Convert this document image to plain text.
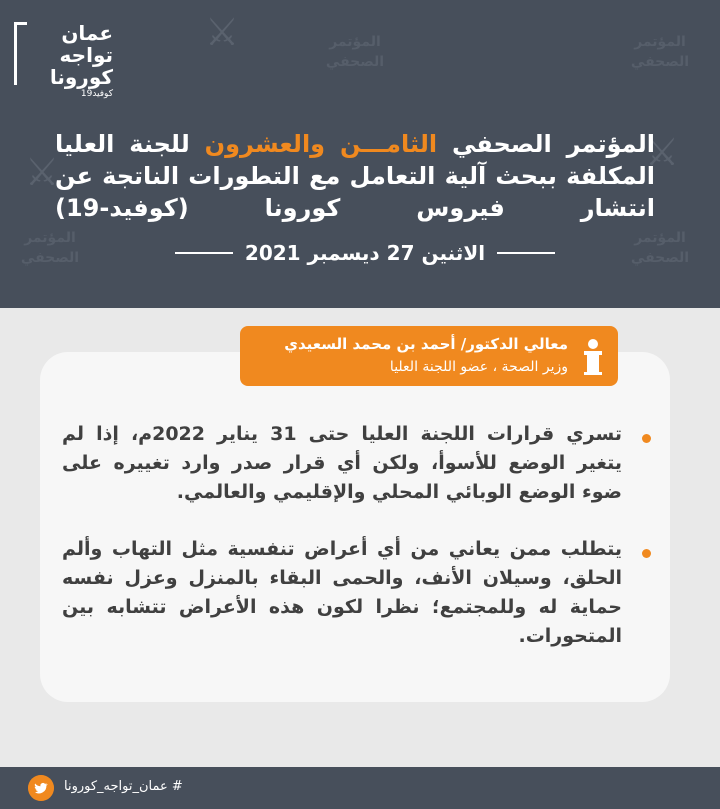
المؤتمر
الصحفي
المؤتمر
الصحفي
المؤتمر
الصحفي
المؤتمر
الصحفي
⚔
⚔
⚔
عمان
تواجه
كورونا
كوفيد19
المؤتمر الصحفي الثامـــن والعشرون للجنة العليا المكلفة ببحث آلية التعامل مع التطورات الناتجة عن انتشار فيروس كورونا (كوفيد-19)
الاثنين 27 ديسمبر 2021
معالي الدكتور/ أحمد بن محمد السعيدي
وزير الصحة ، عضو اللجنة العليا
تسري قرارات اللجنة العليا حتى 31 يناير 2022م، إذا لم يتغير الوضع للأسوأ، ولكن أي قرار صدر وارد تغييره على ضوء الوضع الوبائي المحلي والإقليمي والعالمي.
يتطلب ممن يعاني من أي أعراض تنفسية مثل التهاب وألم الحلق، وسيلان الأنف، والحمى البقاء بالمنزل وعزل نفسه حماية له وللمجتمع؛ نظرا لكون هذه الأعراض تتشابه بين المتحورات.
# عمان_تواجه_كورونا
